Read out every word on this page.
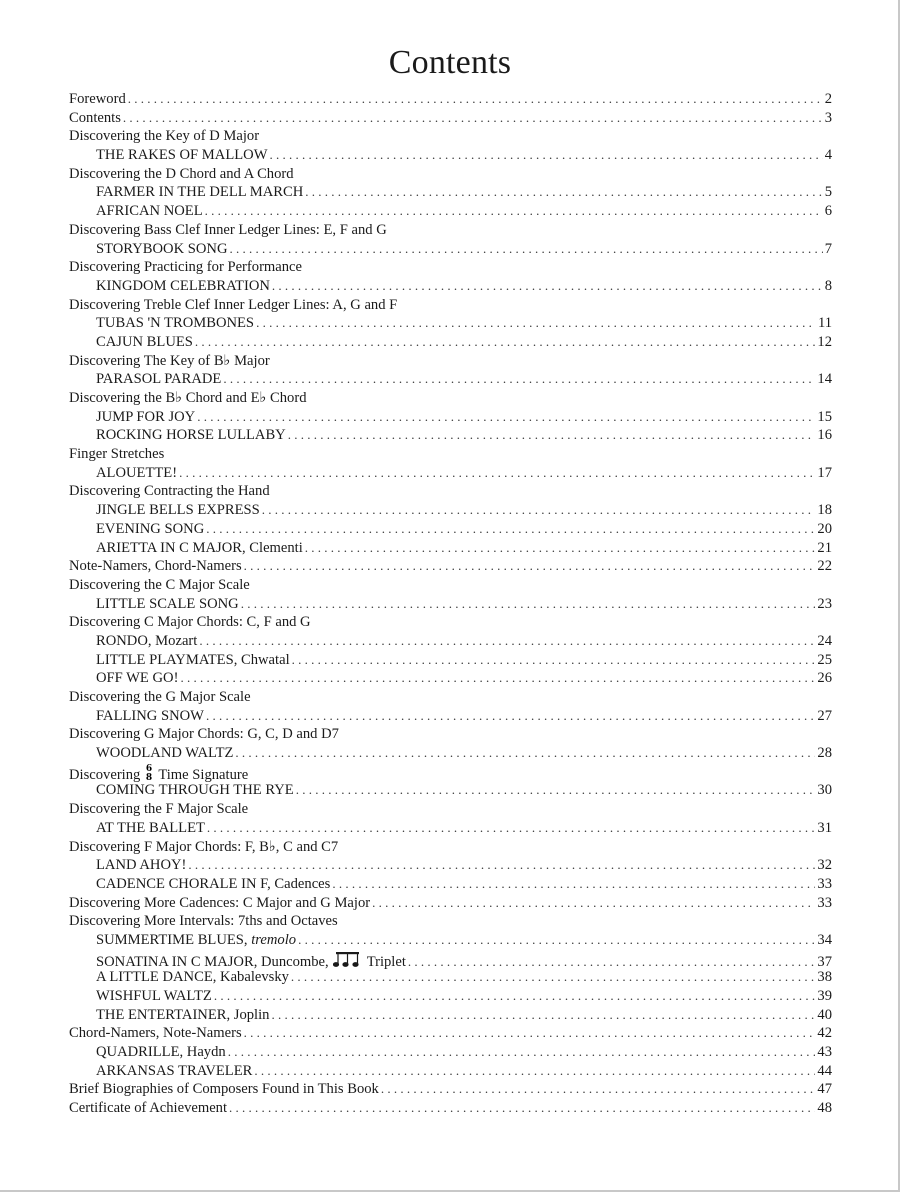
Contents
Foreword . . .	2
Contents . . .	3
Discovering the Key of D Major
THE RAKES OF MALLOW . . .	4
Discovering the D Chord and A Chord
FARMER IN THE DELL MARCH . . .	5
AFRICAN NOEL . . .	6
Discovering Bass Clef Inner Ledger Lines: E, F and G
STORYBOOK SONG . . .	7
Discovering Practicing for Performance
KINGDOM CELEBRATION . . .	8
Discovering Treble Clef Inner Ledger Lines: A, G and F
TUBAS 'N TROMBONES . . .	11
CAJUN BLUES . . .	12
Discovering The Key of B♭ Major
PARASOL PARADE . . .	14
Discovering the B♭ Chord and E♭ Chord
JUMP FOR JOY . . .	15
ROCKING HORSE LULLABY . . .	16
Finger Stretches
ALOUETTE! . . .	17
Discovering Contracting the Hand
JINGLE BELLS EXPRESS . . .	18
EVENING SONG . . .	20
ARIETTA IN C MAJOR, Clementi . . .	21
Note-Namers, Chord-Namers . . .	22
Discovering the C Major Scale
LITTLE SCALE SONG . . .	23
Discovering C Major Chords: C, F and G
RONDO, Mozart . . .	24
LITTLE PLAYMATES, Chwatal . . .	25
OFF WE GO! . . .	26
Discovering the G Major Scale
FALLING SNOW . . .	27
Discovering G Major Chords: G, C, D and D7
WOODLAND WALTZ . . .	28
Discovering 6
8 Time Signature
COMING THROUGH THE RYE . . .	30
Discovering the F Major Scale
AT THE BALLET . . .	31
Discovering F Major Chords: F, B♭, C and C7
LAND AHOY! . . .	32
CADENCE CHORALE IN F, Cadences . . .	33
Discovering More Cadences: C Major and G Major . . .	33
Discovering More Intervals: 7ths and Octaves
SUMMERTIME BLUES, tremolo . . .	34
SONATINA IN C MAJOR, Duncombe,	Triplet . . .	37
A LITTLE DANCE, Kabalevsky . . .	38
WISHFUL WALTZ . . .	39
THE ENTERTAINER, Joplin . . .	40
Chord-Namers, Note-Namers . . .	42
QUADRILLE, Haydn . . .	43
ARKANSAS TRAVELER . . .	44
Brief Biographies of Composers Found in This Book . . .	47
Certificate of Achievement . . .	48
